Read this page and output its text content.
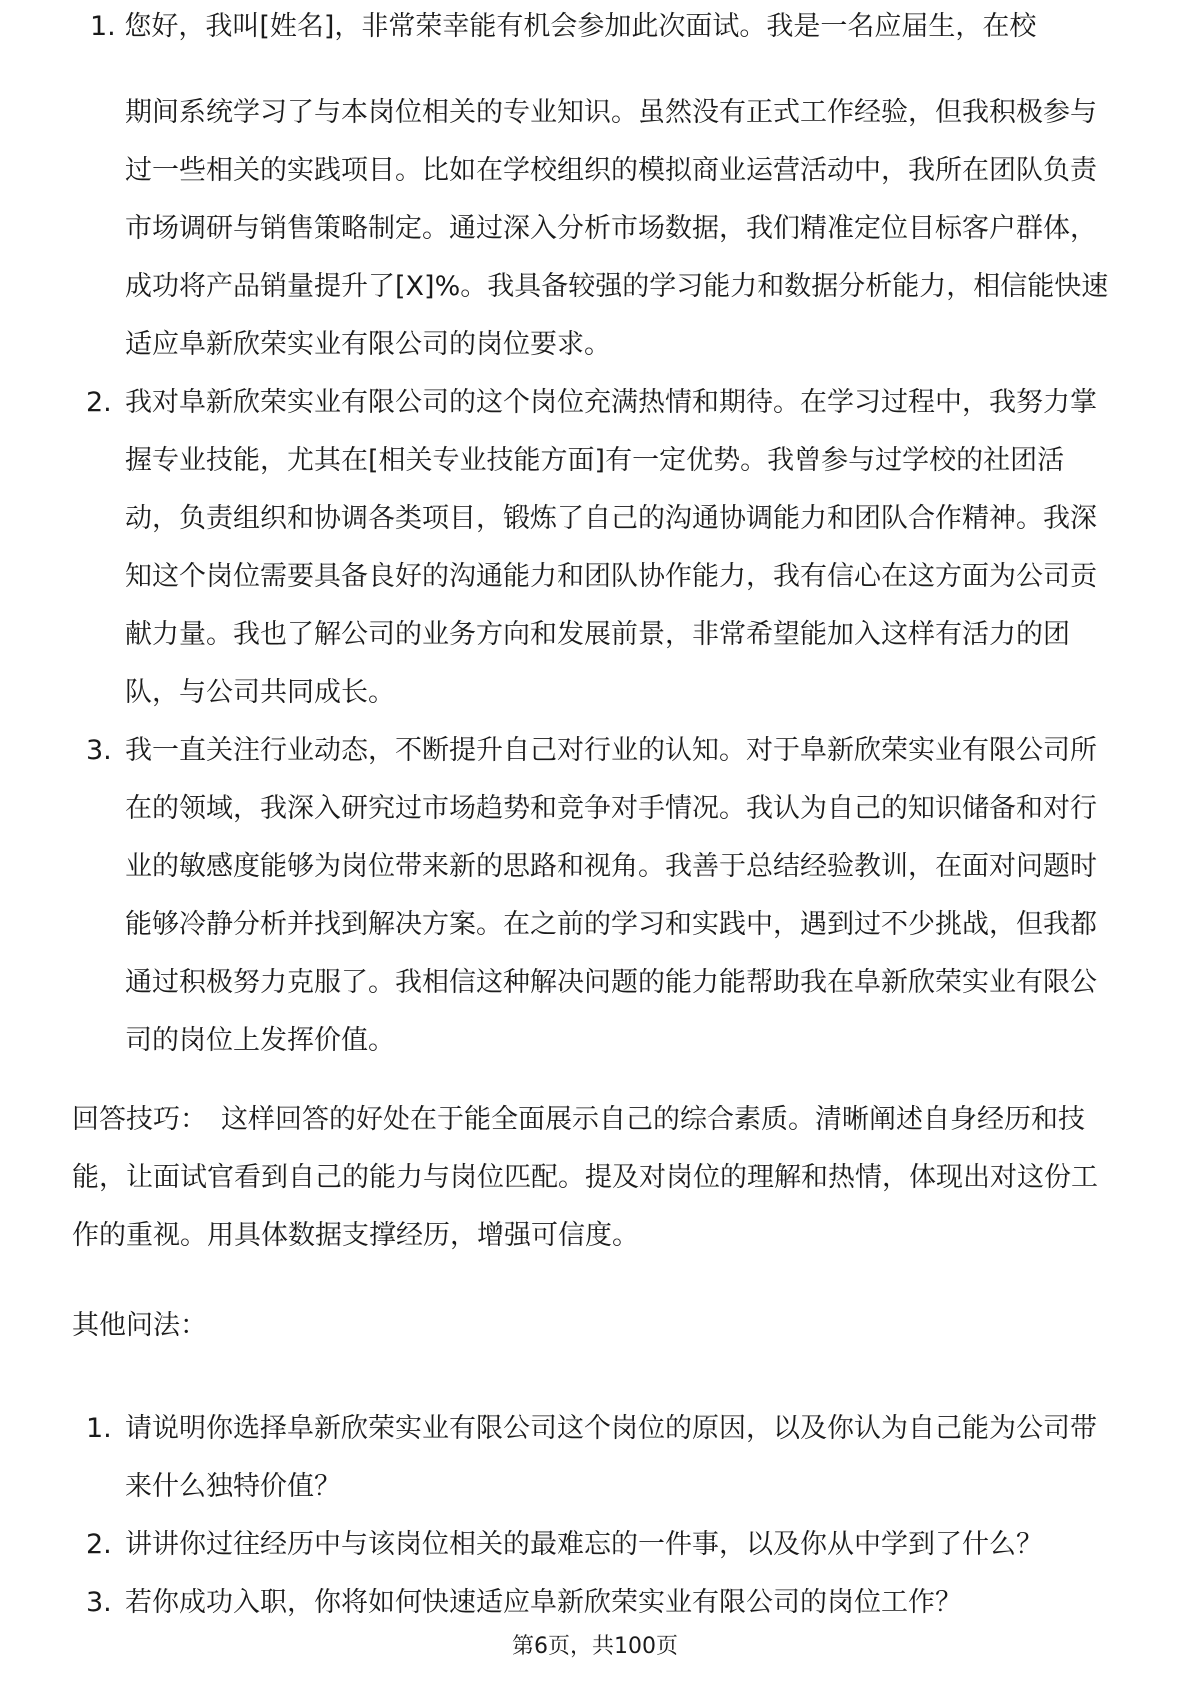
1. 您好，我叫[姓名]，非常荣幸能有机会参加此次面试。我是一名应届生，在校
期间系统学习了与本岗位相关的专业知识。虽然没有正式工作经验，但我积极参与过一些相关的实践项目。比如在学校组织的模拟商业运营活动中，我所在团队负责市场调研与销售策略制定。通过深入分析市场数据，我们精准定位目标客户群体，成功将产品销量提升了[X]%。我具备较强的学习能力和数据分析能力，相信能快速适应阜新欣荣实业有限公司的岗位要求。
2. 我对阜新欣荣实业有限公司的这个岗位充满热情和期待。在学习过程中，我努力掌握专业技能，尤其在[相关专业技能方面]有一定优势。我曾参与过学校的社团活动，负责组织和协调各类项目，锻炼了自己的沟通协调能力和团队合作精神。我深知这个岗位需要具备良好的沟通能力和团队协作能力，我有信心在这方面为公司贡献力量。我也了解公司的业务方向和发展前景，非常希望能加入这样有活力的团队，与公司共同成长。
3. 我一直关注行业动态，不断提升自己对行业的认知。对于阜新欣荣实业有限公司所在的领域，我深入研究过市场趋势和竞争对手情况。我认为自己的知识储备和对行业的敏感度能够为岗位带来新的思路和视角。我善于总结经验教训，在面对问题时能够冷静分析并找到解决方案。在之前的学习和实践中，遇到过不少挑战，但我都通过积极努力克服了。我相信这种解决问题的能力能帮助我在阜新欣荣实业有限公司的岗位上发挥价值。
回答技巧： 这样回答的好处在于能全面展示自己的综合素质。清晰阐述自身经历和技能，让面试官看到自己的能力与岗位匹配。提及对岗位的理解和热情，体现出对这份工作的重视。用具体数据支撑经历，增强可信度。
其他问法：
1. 请说明你选择阜新欣荣实业有限公司这个岗位的原因，以及你认为自己能为公司带来什么独特价值？
2. 讲讲你过往经历中与该岗位相关的最难忘的一件事，以及你从中学到了什么？
3. 若你成功入职，你将如何快速适应阜新欣荣实业有限公司的岗位工作？
第6页，共100页
